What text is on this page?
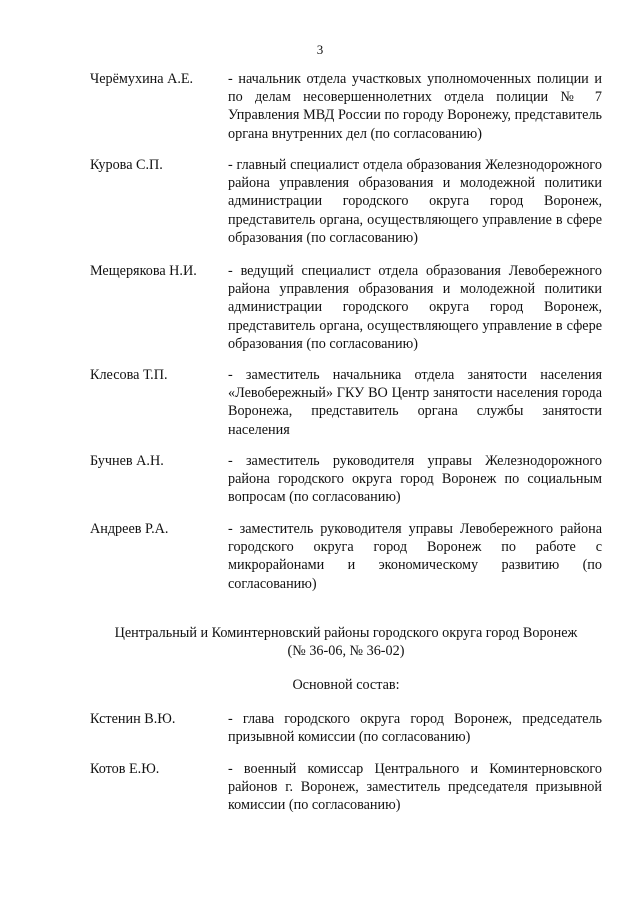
3
Черёмухина А.Е.	- начальник отдела участковых уполномоченных полиции и по делам несовершеннолетних отдела полиции № 7 Управления МВД России по городу Воронежу, представитель органа внутренних дел (по согласованию)
Курова С.П.	- главный специалист отдела образования Железнодорожного района управления образования и молодежной политики администрации городского округа город Воронеж, представитель органа, осуществляющего управление в сфере образования (по согласованию)
Мещерякова Н.И.	- ведущий специалист отдела образования Левобережного района управления образования и молодежной политики администрации городского округа город Воронеж, представитель органа, осуществляющего управление в сфере образования (по согласованию)
Клесова Т.П.	- заместитель начальника отдела занятости населения «Левобережный» ГКУ ВО Центр занятости населения города Воронежа, представитель органа службы занятости населения
Бучнев А.Н.	- заместитель руководителя управы Железнодорожного района городского округа город Воронеж по социальным вопросам (по согласованию)
Андреев Р.А.	- заместитель руководителя управы Левобережного района городского округа город Воронеж по работе с микрорайонами и экономическому развитию (по согласованию)
Центральный и Коминтерновский районы городского округа город Воронеж
(№ 36-06, № 36-02)
Основной состав:
Кстенин В.Ю.	- глава городского округа город Воронеж, председатель призывной комиссии (по согласованию)
Котов Е.Ю.	- военный комиссар Центрального и Коминтерновского районов г. Воронеж, заместитель председателя призывной комиссии (по согласованию)
